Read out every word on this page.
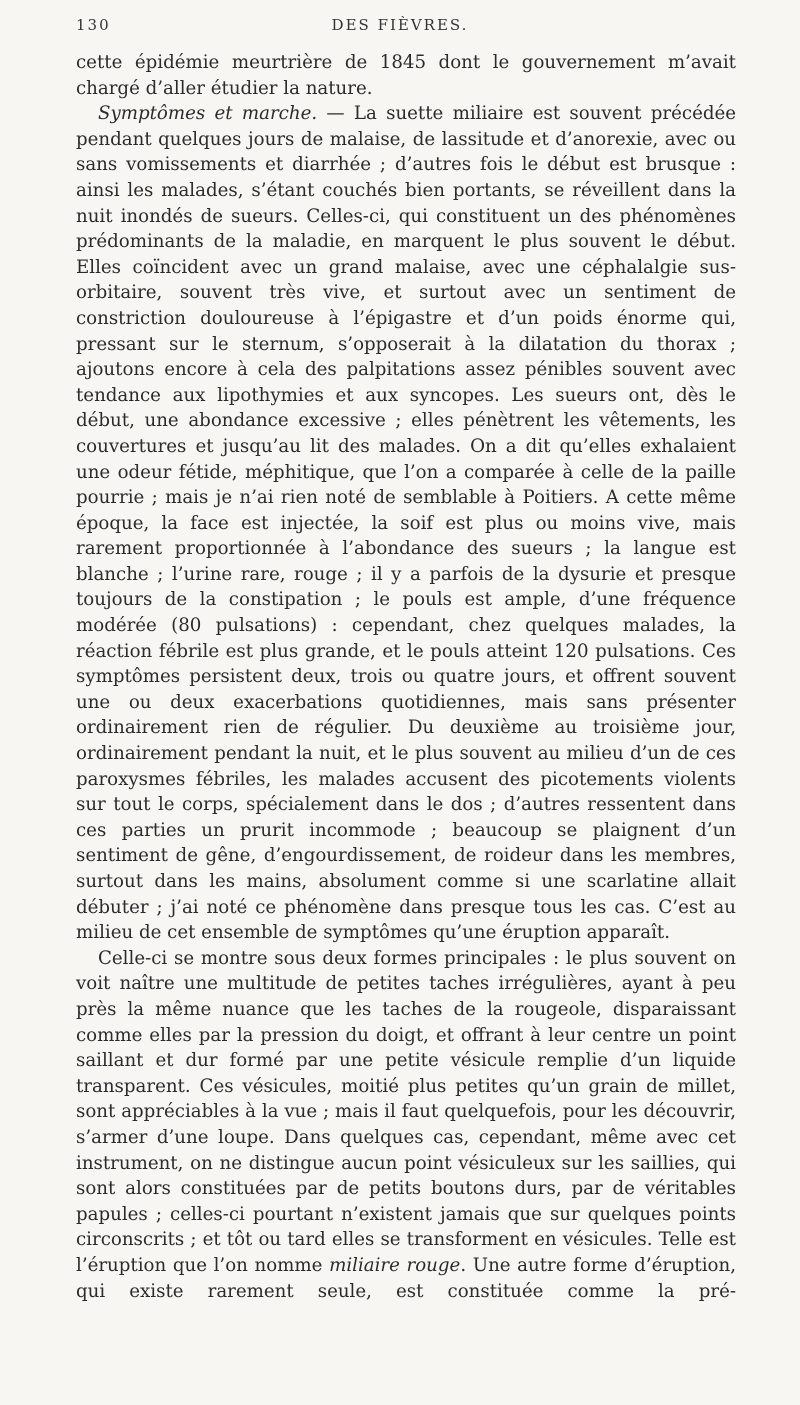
130	DES FIÈVRES.

cette épidémie meurtrière de 1845 dont le gouvernement m’avait chargé d’aller étudier la nature.

Symptômes et marche. — La suette miliaire est souvent précédée pendant quelques jours de malaise, de lassitude et d’anorexie, avec ou sans vomissements et diarrhée ; d’autres fois le début est brusque : ainsi les malades, s’étant couchés bien portants, se réveillent dans la nuit inondés de sueurs. Celles-ci, qui constituent un des phénomènes prédominants de la maladie, en marquent le plus souvent le début. Elles coïncident avec un grand malaise, avec une céphalalgie sus-orbitaire, souvent très vive, et surtout avec un sentiment de constriction douloureuse à l’épigastre et d’un poids énorme qui, pressant sur le sternum, s’opposerait à la dilatation du thorax ; ajoutons encore à cela des palpitations assez pénibles souvent avec tendance aux lipothymies et aux syncopes. Les sueurs ont, dès le début, une abondance excessive ; elles pénètrent les vêtements, les couvertures et jusqu’au lit des malades. On a dit qu’elles exhalaient une odeur fétide, méphitique, que l’on a comparée à celle de la paille pourrie ; mais je n’ai rien noté de semblable à Poitiers. A cette même époque, la face est injectée, la soif est plus ou moins vive, mais rarement proportionnée à l’abondance des sueurs ; la langue est blanche ; l’urine rare, rouge ; il y a parfois de la dysurie et presque toujours de la constipation ; le pouls est ample, d’une fréquence modérée (80 pulsations) : cependant, chez quelques malades, la réaction fébrile est plus grande, et le pouls atteint 120 pulsations. Ces symptômes persistent deux, trois ou quatre jours, et offrent souvent une ou deux exacerbations quotidiennes, mais sans présenter ordinairement rien de régulier. Du deuxième au troisième jour, ordinairement pendant la nuit, et le plus souvent au milieu d’un de ces paroxysmes fébriles, les malades accusent des picotements violents sur tout le corps, spécialement dans le dos ; d’autres ressentent dans ces parties un prurit incommode ; beaucoup se plaignent d’un sentiment de gêne, d’engourdissement, de roideur dans les membres, surtout dans les mains, absolument comme si une scarlatine allait débuter ; j’ai noté ce phénomène dans presque tous les cas. C’est au milieu de cet ensemble de symptômes qu’une éruption apparaît.

Celle-ci se montre sous deux formes principales : le plus souvent on voit naître une multitude de petites taches irrégulières, ayant à peu près la même nuance que les taches de la rougeole, disparaissant comme elles par la pression du doigt, et offrant à leur centre un point saillant et dur formé par une petite vésicule remplie d’un liquide transparent. Ces vésicules, moitié plus petites qu’un grain de millet, sont appréciables à la vue ; mais il faut quelquefois, pour les découvrir, s’armer d’une loupe. Dans quelques cas, cependant, même avec cet instrument, on ne distingue aucun point vésiculeux sur les saillies, qui sont alors constituées par de petits boutons durs, par de véritables papules ; celles-ci pourtant n’existent jamais que sur quelques points circonscrits ; et tôt ou tard elles se transforment en vésicules. Telle est l’éruption que l’on nomme miliaire rouge. Une autre forme d’éruption, qui existe rarement seule, est constituée comme la pré-
